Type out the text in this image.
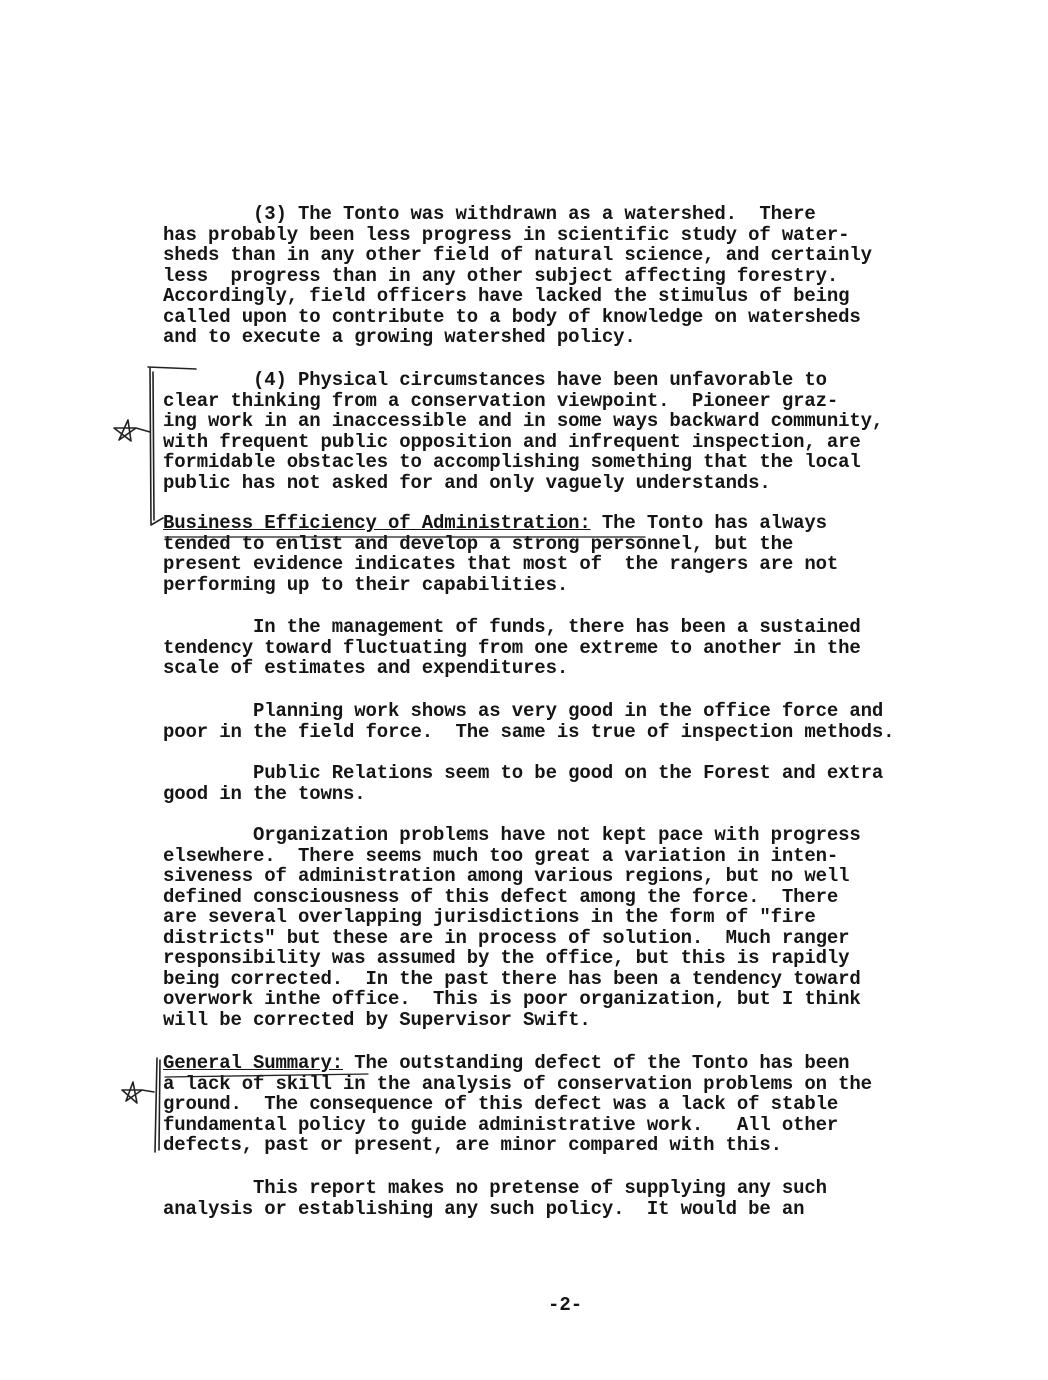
(3) The Tonto was withdrawn as a watershed.  There
has probably been less progress in scientific study of water-
sheds than in any other field of natural science, and certainly
less  progress than in any other subject affecting forestry.
Accordingly, field officers have lacked the stimulus of being
called upon to contribute to a body of knowledge on watersheds
and to execute a growing watershed policy.
(4) Physical circumstances have been unfavorable to
clear thinking from a conservation viewpoint.  Pioneer graz-
ing work in an inaccessible and in some ways backward community,
with frequent public opposition and infrequent inspection, are
formidable obstacles to accomplishing something that the local
public has not asked for and only vaguely understands.
Business Efficiency of Administration: The Tonto has always
tended to enlist and develop a strong personnel, but the
present evidence indicates that most of  the rangers are not
performing up to their capabilities.
In the management of funds, there has been a sustained
tendency toward fluctuating from one extreme to another in the
scale of estimates and expenditures.
Planning work shows as very good in the office force and
poor in the field force.  The same is true of inspection methods.
Public Relations seem to be good on the Forest and extra
good in the towns.
Organization problems have not kept pace with progress
elsewhere.  There seems much too great a variation in inten-
siveness of administration among various regions, but no well
defined consciousness of this defect among the force.  There
are several overlapping jurisdictions in the form of "fire
districts" but these are in process of solution.  Much ranger
responsibility was assumed by the office, but this is rapidly
being corrected.  In the past there has been a tendency toward
overwork inthe office.  This is poor organization, but I think
will be corrected by Supervisor Swift.
General Summary: The outstanding defect of the Tonto has been
a lack of skill in the analysis of conservation problems on the
ground.  The consequence of this defect was a lack of stable
fundamental policy to guide administrative work.   All other
defects, past or present, are minor compared with this.
This report makes no pretense of supplying any such
analysis or establishing any such policy.  It would be an
-2-
